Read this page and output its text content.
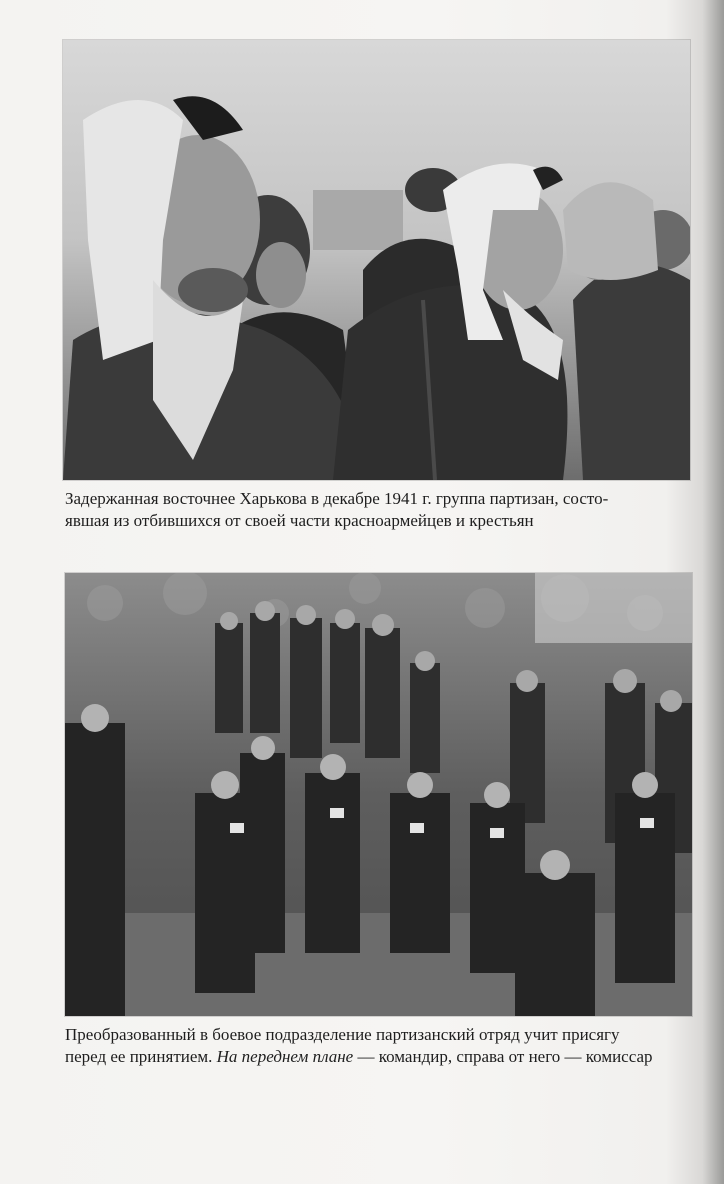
Задержанная восточнее Харькова в декабре 1941 г. группа партизан, состо-
явшая из отбившихся от своей части красноармейцев и крестьян

Преобразованный в боевое подразделение партизанский отряд учит присягу
перед ее принятием. На переднем плане — командир, справа от него — комиссар
